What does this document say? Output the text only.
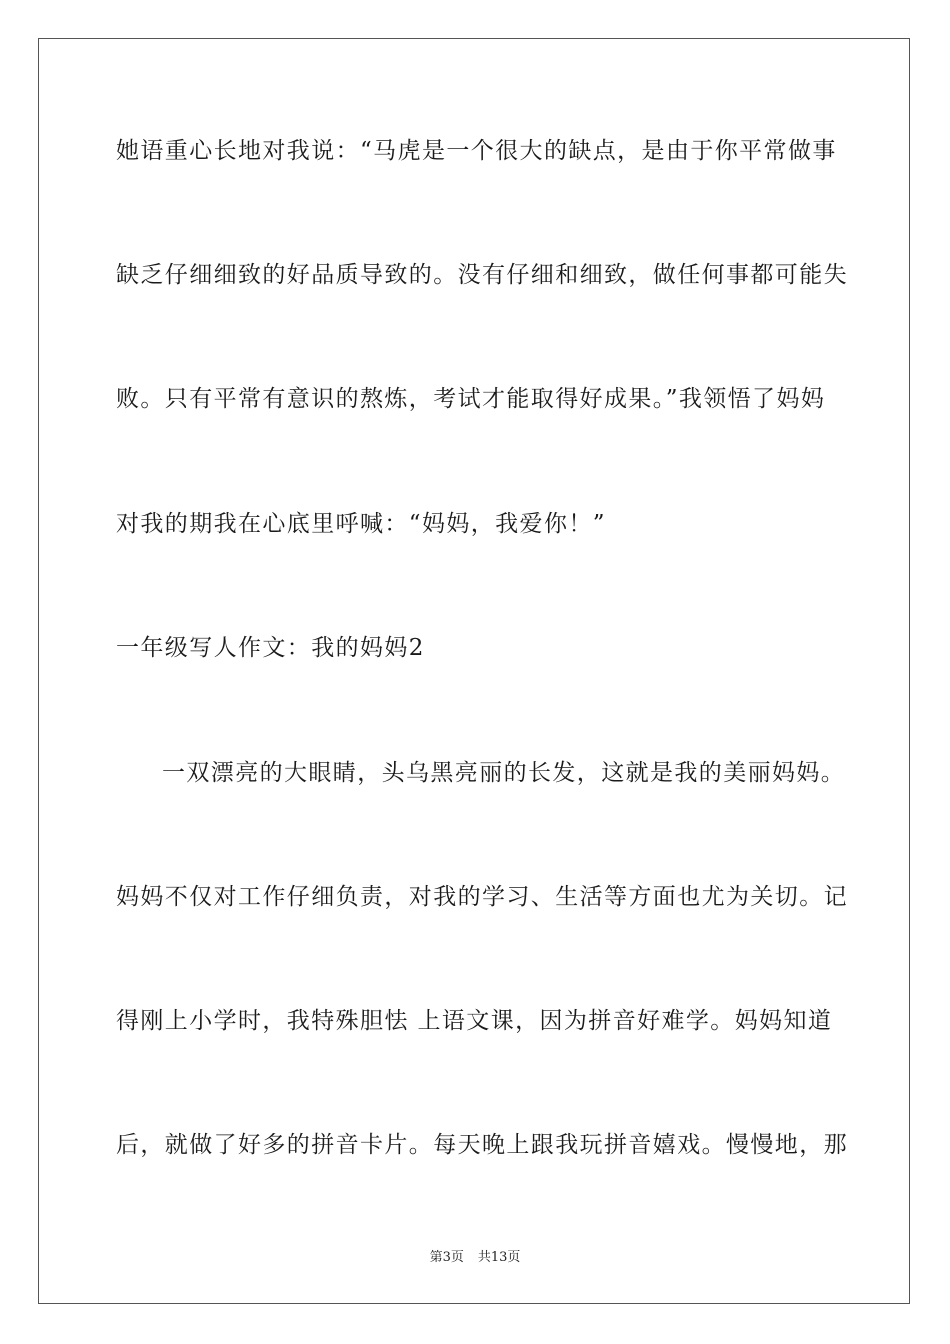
她语重心长地对我说：“马虎是一个很大的缺点，是由于你平常做事
缺乏仔细细致的好品质导致的。没有仔细和细致，做任何事都可能失
败。只有平常有意识的熬炼，考试才能取得好成果。”我领悟了妈妈
对我的期我在心底里呼喊：“妈妈，我爱你！”
一年级写人作文：我的妈妈2
一双漂亮的大眼睛，头乌黑亮丽的长发，这就是我的美丽妈妈。
妈妈不仅对工作仔细负责，对我的学习、生活等方面也尤为关切。记
得刚上小学时，我特殊胆怯 上语文课，因为拼音好难学。妈妈知道
后，就做了好多的拼音卡片。每天晚上跟我玩拼音嬉戏。慢慢地，那
第3页 共13页
